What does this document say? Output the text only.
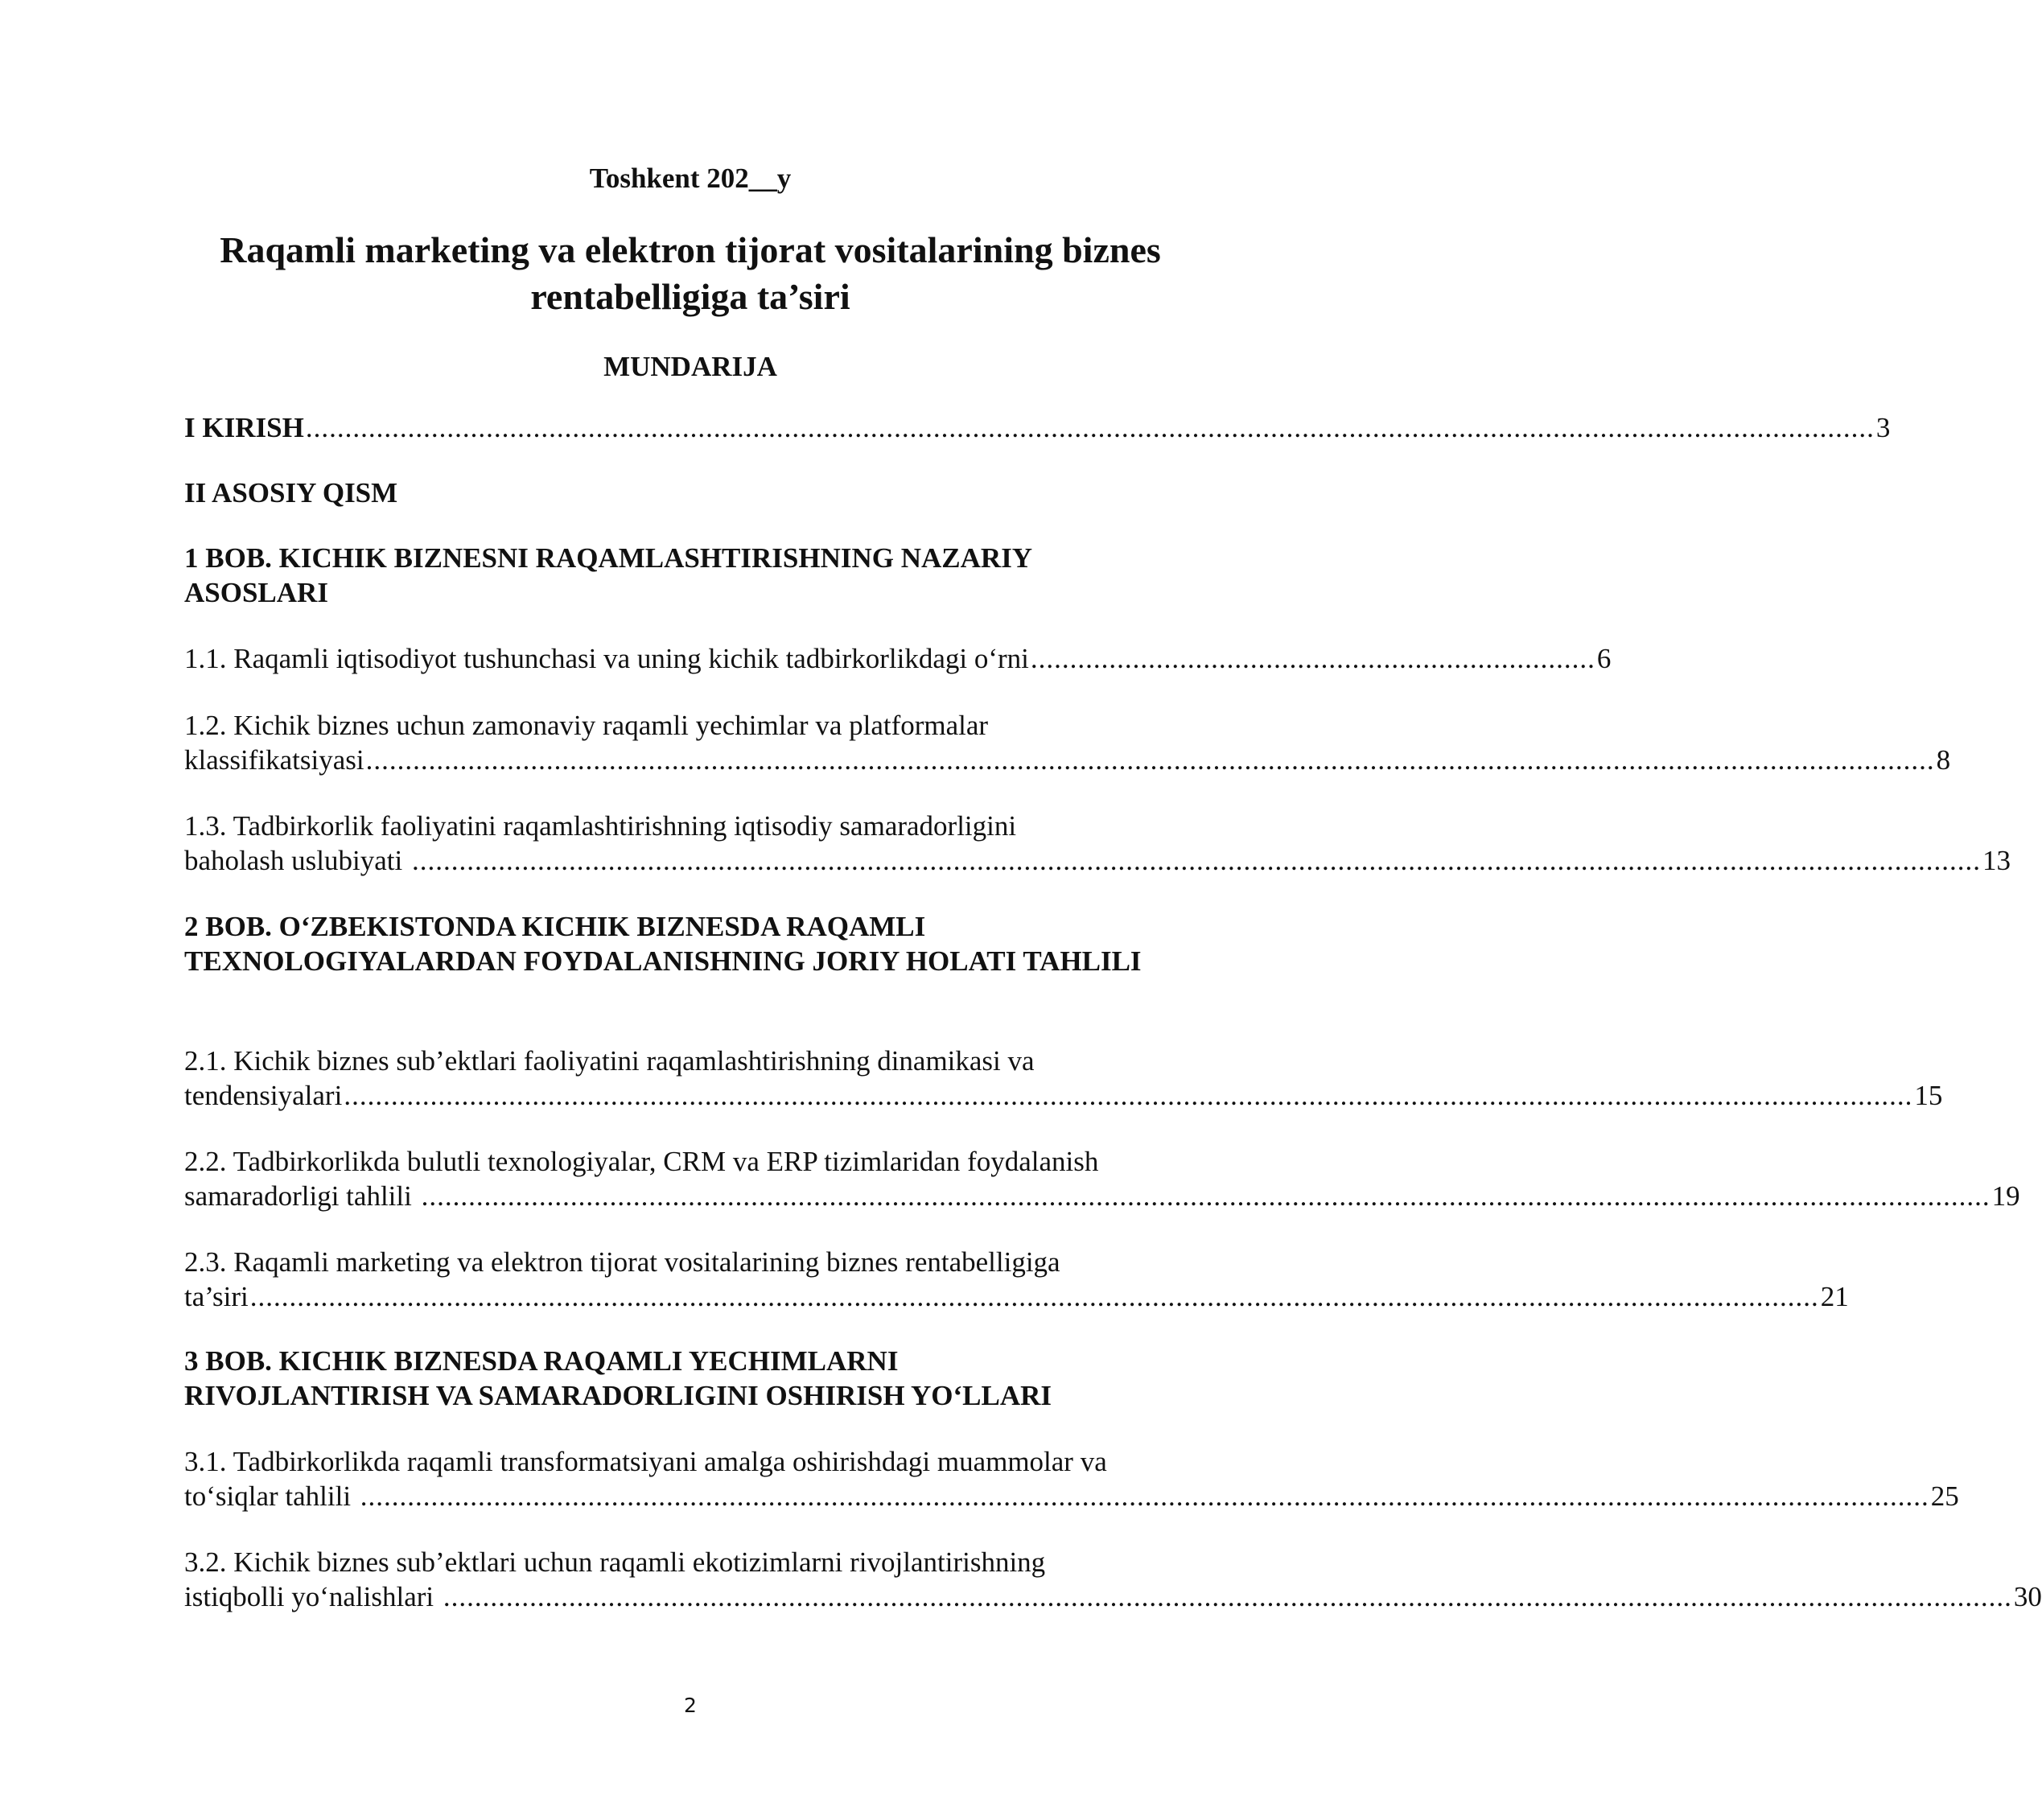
Toshkent 202__y
Raqamli marketing va elektron tijorat vositalarining biznes rentabelligiga ta’siri
MUNDARIJA
I KIRISH ........................................................................................................................................................................................................ 3
II ASOSIY QISM
1 BOB. KICHIK BIZNESNI RAQAMLASHTIRISHNING NAZARIY ASOSLARI
1.1. Raqamli iqtisodiyot tushunchasi va uning kichik tadbirkorlikdagi o‘rni ........................................................................ 6
1.2. Kichik biznes uchun zamonaviy raqamli yechimlar va platformalar
klassifikatsiyasi ........................................................................................................................................................................................................ 8
1.3. Tadbirkorlik faoliyatini raqamlashtirishning iqtisodiy samaradorligini
baholash uslubiyati ........................................................................................................................................................................................................ 13
2 BOB. O‘ZBEKISTONDA KICHIK BIZNESDA RAQAMLI TEXNOLOGIYALARDAN FOYDALANISHNING JORIY HOLATI TAHLILI
2.1. Kichik biznes sub’ektlari faoliyatini raqamlashtirishning dinamikasi va
tendensiyalari ........................................................................................................................................................................................................ 15
2.2. Tadbirkorlikda bulutli texnologiyalar, CRM va ERP tizimlaridan foydalanish
samaradorligi tahlili ........................................................................................................................................................................................................ 19
2.3. Raqamli marketing va elektron tijorat vositalarining biznes rentabelligiga
ta’siri ........................................................................................................................................................................................................ 21
3 BOB. KICHIK BIZNESDA RAQAMLI YECHIMLARNI RIVOJLANTIRISH VA SAMARADORLIGINI OSHIRISH YO‘LLARI
3.1. Tadbirkorlikda raqamli transformatsiyani amalga oshirishdagi muammolar va
to‘siqlar tahlili ........................................................................................................................................................................................................ 25
3.2. Kichik biznes sub’ektlari uchun raqamli ekotizimlarni rivojlantirishning
istiqbolli yo‘nalishlari ........................................................................................................................................................................................................ 30
2
